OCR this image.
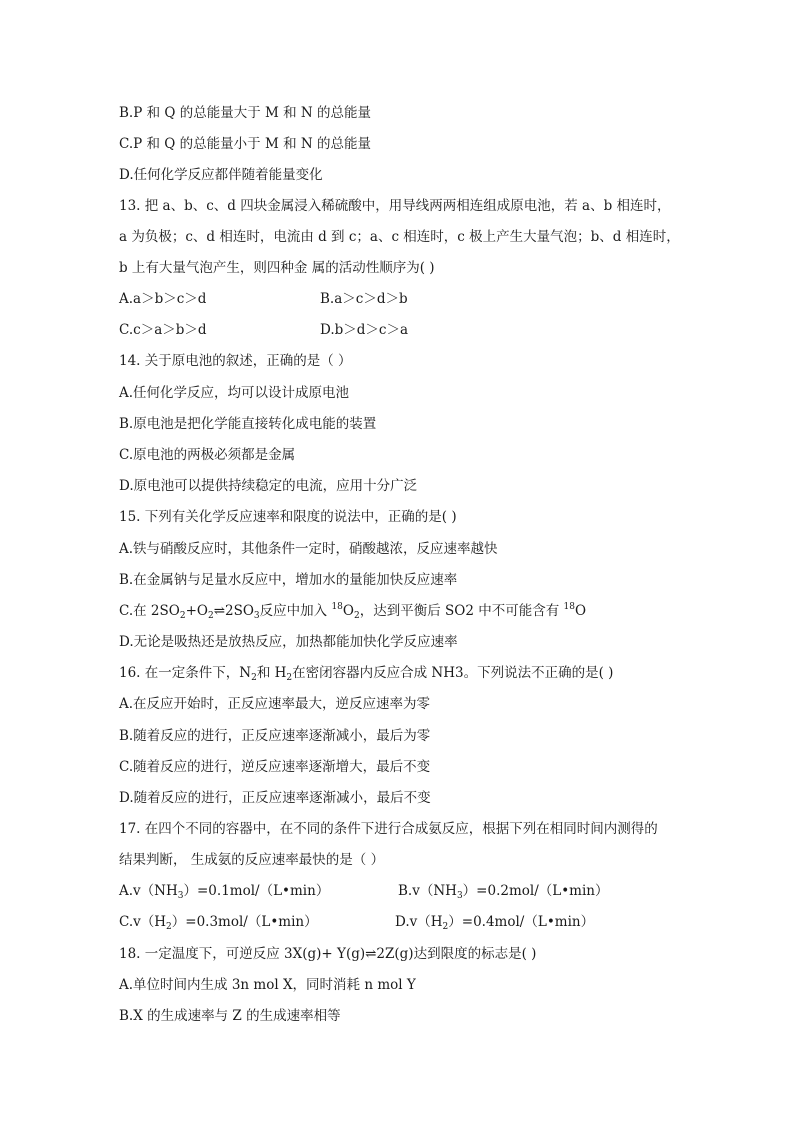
B.P 和 Q 的总能量大于 M 和 N 的总能量
C.P 和 Q 的总能量小于 M 和 N 的总能量
D.任何化学反应都伴随着能量变化
13. 把 a、b、c、d 四块金属浸入稀硫酸中，用导线两两相连组成原电池，若 a、b 相连时，
a 为负极；c、d 相连时，电流由 d 到 c；a、c 相连时，c 极上产生大量气泡；b、d 相连时，
b 上有大量气泡产生，则四种金 属的活动性顺序为( )
A.a＞b＞c＞d	B.a＞c＞d＞b
C.c＞a＞b＞d	D.b＞d＞c＞a
14. 关于原电池的叙述，正确的是（ ）
A.任何化学反应，均可以设计成原电池
B.原电池是把化学能直接转化成电能的装置
C.原电池的两极必须都是金属
D.原电池可以提供持续稳定的电流，应用十分广泛
15. 下列有关化学反应速率和限度的说法中，正确的是( )
A.铁与硝酸反应时，其他条件一定时，硝酸越浓，反应速率越快
B.在金属钠与足量水反应中，增加水的量能加快反应速率
C.在 $2SO_2+O_2\rightleftharpoons 2SO_3$反应中加入 $^{18}O_2$，达到平衡后 SO2 中不可能含有 $^{18}$O
D.无论是吸热还是放热反应，加热都能加快化学反应速率
16. 在一定条件下，$N_2$和 $H_2$在密闭容器内反应合成 NH3。下列说法不正确的是( )
A.在反应开始时，正反应速率最大，逆反应速率为零
B.随着反应的进行，正反应速率逐渐减小，最后为零
C.随着反应的进行，逆反应速率逐渐增大，最后不变
D.随着反应的进行，正反应速率逐渐减小，最后不变
17. 在四个不同的容器中，在不同的条件下进行合成氨反应，根据下列在相同时间内测得的
结果判断， 生成氨的反应速率最快的是（ ）
$A.v(NH_3)=0.1mol/(L•\min)$	$B.v(NH_3)=0.2mol/(L•\min)$
$C.v(H_2)=0.3mol/(L•\min)$	$D.v(H_2)=0.4mol/(L•\min)$
18. 一定温度下，可逆反应 3X(g)+ Y(g)⇌2Z(g)达到限度的标志是( )
A.单位时间内生成 3n mol X，同时消耗 n mol Y
B.X 的生成速率与 Z 的生成速率相等
